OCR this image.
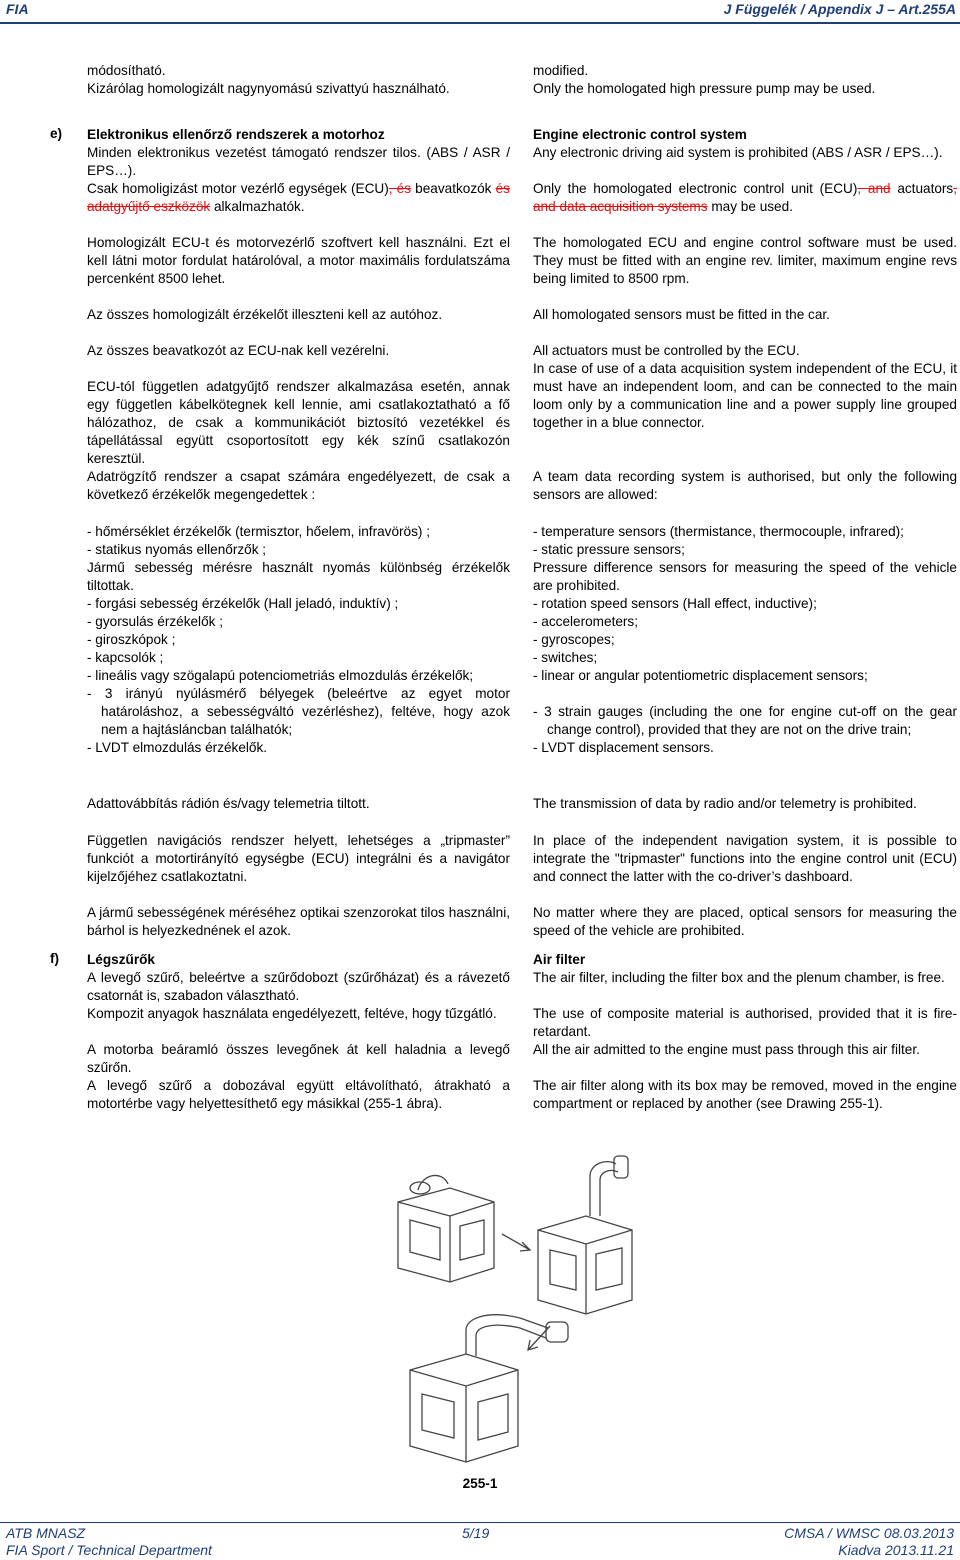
FIA	J Függelék / Appendix J – Art.255A
e)
f)
módosítható.
Kizárólag homologizált nagynyomású szivattyú használható.
Elektronikus ellenőrző rendszerek a motorhoz
Minden elektronikus vezetést támogató rendszer tilos. (ABS / ASR / EPS…).
Csak homoligizást motor vezérlő egységek (ECU), és beavatkozók és adatgyűjtő eszközök alkalmazhatók.
Homologizált ECU-t és motorvezérlő szoftvert kell használni. Ezt el kell látni motor fordulat határolóval, a motor maximális fordulatszáma percenként 8500 lehet.
Az összes homologizált érzékelőt illeszteni kell az autóhoz.
Az összes beavatkozót az ECU-nak kell vezérelni.
ECU-tól független adatgyűjtő rendszer alkalmazása esetén, annak egy független kábelkötegnek kell lennie, ami csatlakoztatható a fő hálózathoz, de csak a kommunikációt biztosító vezetékkel és tápellátással együtt csoportosított egy kék színű csatlakozón keresztül.
Adatrögzítő rendszer a csapat számára engedélyezett, de csak a következő érzékelők megengedettek :
- hőmérséklet érzékelők (termisztor, hőelem, infravörös) ;
- statikus nyomás ellenőrzők ;
Jármű sebesség mérésre használt nyomás különbség érzékelők tiltottak.
- forgási sebesség érzékelők (Hall jeladó, induktív) ;
- gyorsulás érzékelők ;
- giroszkópok ;
- kapcsolók ;
- lineális vagy szögalapú potenciometriás elmozdulás érzékelők;
- 3 irányú nyúlásmérő bélyegek (beleértve az egyet motor határoláshoz, a sebességváltó vezérléshez), feltéve, hogy azok nem a hajtásláncban találhatók;
- LVDT elmozdulás érzékelők.
Adattovábbítás rádión és/vagy telemetria tiltott.
Független navigációs rendszer helyett, lehetséges a „tripmaster” funkciót a motortirányító egységbe (ECU) integrálni és a navigátor kijelzőjéhez csatlakoztatni.
A jármű sebességének méréséhez optikai szenzorokat tilos használni, bárhol is helyezkednének el azok.
Légszűrők
A levegő szűrő, beleértve a szűrődobozt (szűrőházat) és a rávezető csatornát is, szabadon választható.
Kompozit anyagok használata engedélyezett, feltéve, hogy tűzgátló.
A motorba beáramló összes levegőnek át kell haladnia a levegő szűrőn.
A levegő szűrő a dobozával együtt eltávolítható, átrakható a motortérbe vagy helyettesíthető egy másikkal (255-1 ábra).
modified.
Only the homologated high pressure pump may be used.
Engine electronic control system
Any electronic driving aid system is prohibited (ABS / ASR / EPS…).
Only the homologated electronic control unit (ECU), and actuators, and data acquisition systems may be used.
The homologated ECU and engine control software must be used. They must be fitted with an engine rev. limiter, maximum engine revs being limited to 8500 rpm.
All homologated sensors must be fitted in the car.
All actuators must be controlled by the ECU.
In case of use of a data acquisition system independent of the ECU, it must have an independent loom, and can be connected to the main loom only by a communication line and a power supply line grouped together in a blue connector.
A team data recording system is authorised, but only the following sensors are allowed:
- temperature sensors (thermistance, thermocouple, infrared);
- static pressure sensors;
Pressure difference sensors for measuring the speed of the vehicle are prohibited.
- rotation speed sensors (Hall effect, inductive);
- accelerometers;
- gyroscopes;
- switches;
- linear or angular potentiometric displacement sensors;
- 3 strain gauges (including the one for engine cut-off on the gear change control), provided that they are not on the drive train;
- LVDT displacement sensors.
The transmission of data by radio and/or telemetry is prohibited.
In place of the independent navigation system, it is possible to integrate the "tripmaster" functions into the engine control unit (ECU) and connect the latter with the co-driver’s dashboard.
No matter where they are placed, optical sensors for measuring the speed of the vehicle are prohibited.
Air filter
The air filter, including the filter box and the plenum chamber, is free.
The use of composite material is authorised, provided that it is fire-retardant.
All the air admitted to the engine must pass through this air filter.
The air filter along with its box may be removed, moved in the engine compartment or replaced by another (see Drawing 255-1).
255-1
ATB MNASZ
FIA Sport / Technical Department
5/19	CMSA / WMSC 08.03.2013
Kiadva 2013.11.21
